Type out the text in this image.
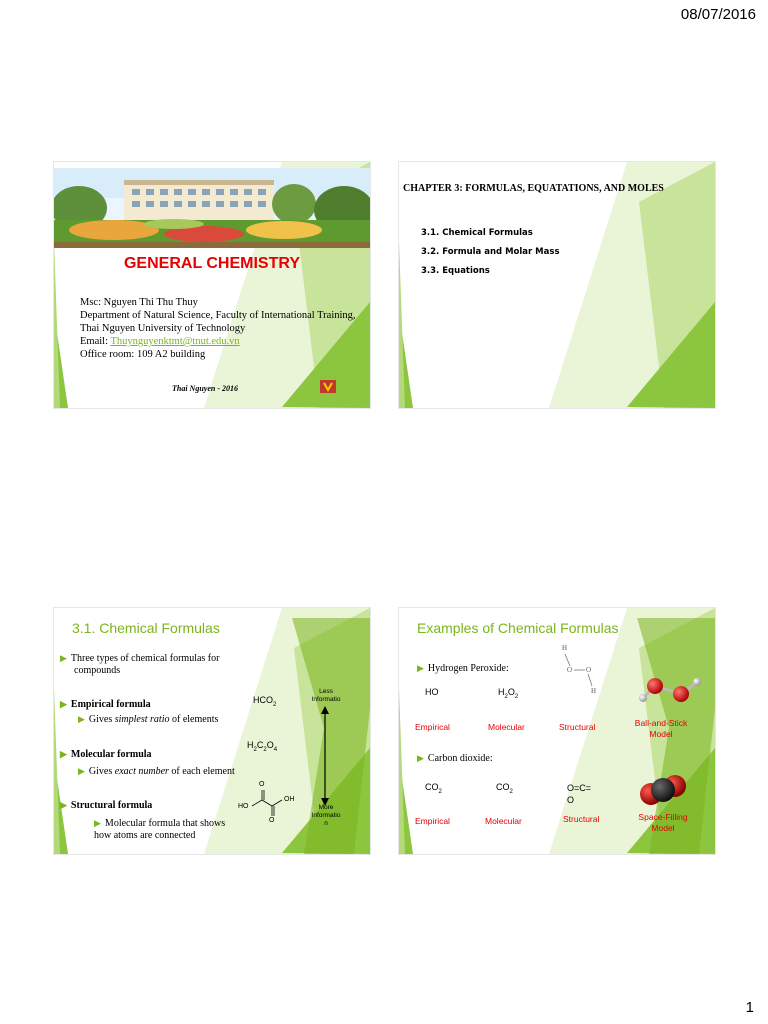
08/07/2016
GENERAL CHEMISTRY
Msc: Nguyen Thi Thu Thuy
Department of Natural Science, Faculty of International Training,
Thai Nguyen University of Technology
Email: Thuynguyenktmt@tnut.edu.vn
Office room: 109 A2 building
Thai Nguyen - 2016
CHAPTER 3: FORMULAS, EQUATATIONS, AND MOLES
3.1. Chemical Formulas
3.2. Formula and Molar Mass
3.3. Equations
3.1. Chemical Formulas
▶ Three types of chemical formulas for
compounds
▶ Empirical formula
▶ Gives simplest ratio of elements
▶ Molecular formula
▶ Gives exact number of each element
▶ Structural formula
▶ Molecular formula that shows
how atoms are connected
$HCO_2$
$H_2C_2O_4$
HO
OH
O
O
Less
Informatio
More
Informatio
n
Examples of Chemical Formulas
▶ Hydrogen Peroxide:
HO	$H_2O_2$
H
O O
H
Empirical	Molecular	Structural	Ball-and-Stick
Model
▶ Carbon dioxide:
$CO_2$	$CO_2$	O=C=
O
Empirical	Molecular	Structural	Space-Filling
Model
1
